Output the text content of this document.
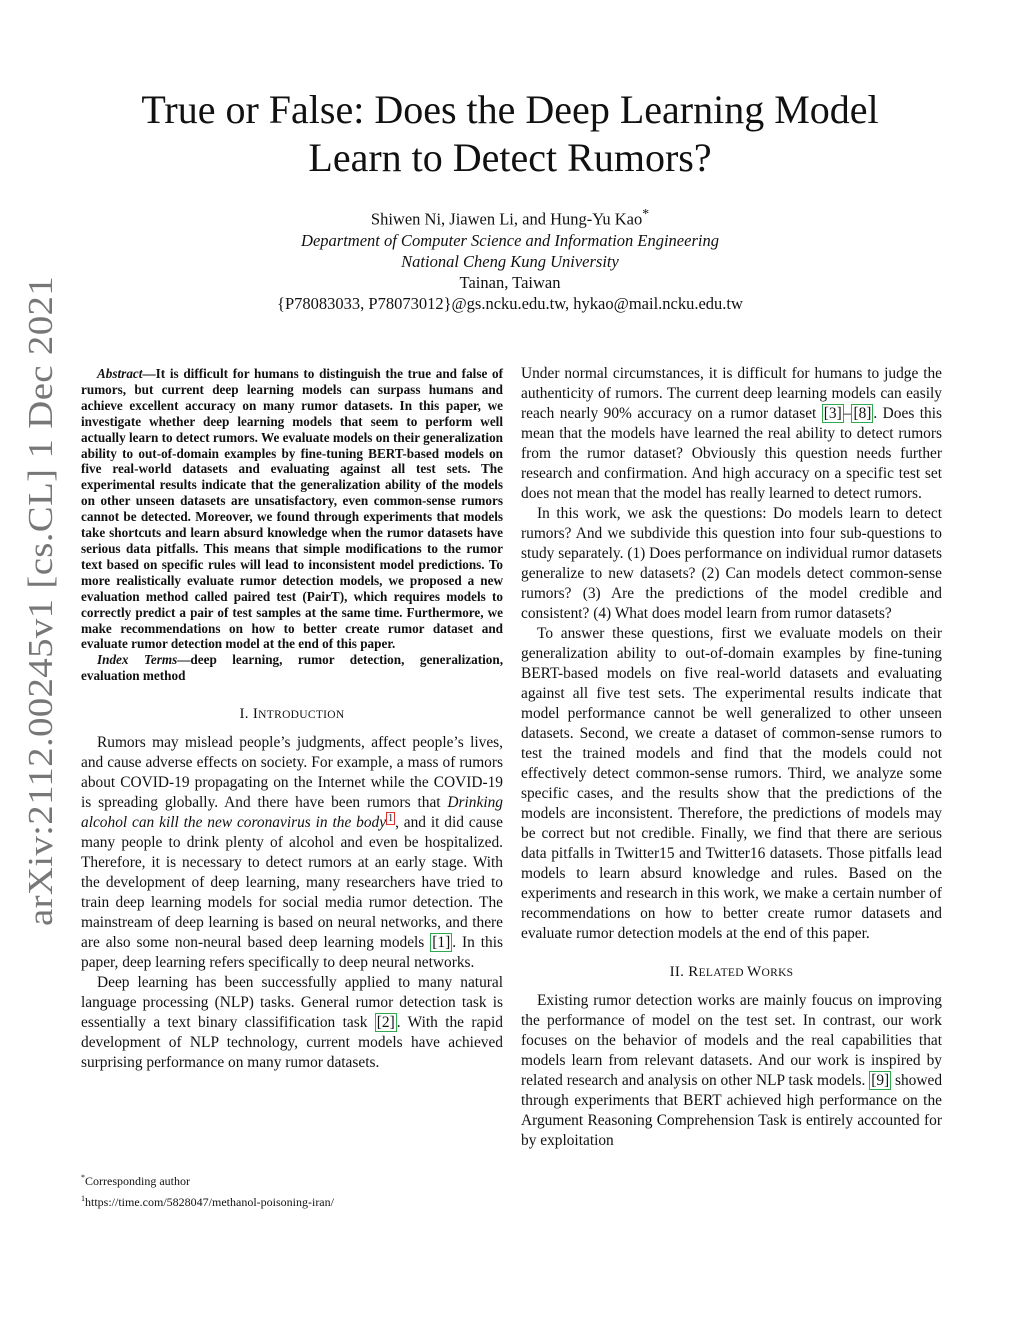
arXiv:2112.00245v1 [cs.CL] 1 Dec 2021
True or False: Does the Deep Learning Model
Learn to Detect Rumors?
Shiwen Ni, Jiawen Li, and Hung-Yu Kao*
Department of Computer Science and Information Engineering
National Cheng Kung University
Tainan, Taiwan
{P78083033, P78073012}@gs.ncku.edu.tw, hykao@mail.ncku.edu.tw

Abstract—It is difficult for humans to distinguish the true and false of rumors, but current deep learning models can surpass humans and achieve excellent accuracy on many rumor datasets. In this paper, we investigate whether deep learning models that seem to perform well actually learn to detect rumors. We evaluate models on their generalization ability to out-of-domain examples by fine-tuning BERT-based models on five real-world datasets and evaluating against all test sets. The experimental results indicate that the generalization ability of the models on other unseen datasets are unsatisfactory, even common-sense rumors cannot be detected. Moreover, we found through experiments that models take shortcuts and learn absurd knowledge when the rumor datasets have serious data pitfalls. This means that simple modifications to the rumor text based on specific rules will lead to inconsistent model predictions. To more realistically evaluate rumor detection models, we proposed a new evaluation method called paired test (PairT), which requires models to correctly predict a pair of test samples at the same time. Furthermore, we make recommendations on how to better create rumor dataset and evaluate rumor detection model at the end of this paper.

Index Terms—deep learning, rumor detection, generalization, evaluation method

I. INTRODUCTION

Rumors may mislead people’s judgments, affect people’s lives, and cause adverse effects on society. For example, a mass of rumors about COVID-19 propagating on the Internet while the COVID-19 is spreading globally. And there have been rumors that Drinking alcohol can kill the new coronavirus in the body $^1$ , and it did cause many people to drink plenty of alcohol and even be hospitalized. Therefore, it is necessary to detect rumors at an early stage. With the development of deep learning, many researchers have tried to train deep learning models for social media rumor detection. The mainstream of deep learning is based on neural networks, and there are also some non-neural based deep learning models [1] . In this paper, deep learning refers specifically to deep neural networks.

Deep learning has been successfully applied to many natural language processing (NLP) tasks. General rumor detection task is essentially a text binary classifification task [2] . With the rapid development of NLP technology, current models have achieved surprising performance on many rumor datasets.

*Corresponding author
$^1$https://time.com/5828047/methanol-poisoning-iran/

Under normal circumstances, it is difficult for humans to judge the authenticity of rumors. The current deep learning models can easily reach nearly 90% accuracy on a rumor dataset [3] – [8] . Does this mean that the models have learned the real ability to detect rumors from the rumor dataset? Obviously this question needs further research and confirmation. And high accuracy on a specific test set does not mean that the model has really learned to detect rumors.

In this work, we ask the questions: Do models learn to detect rumors? And we subdivide this question into four sub-questions to study separately. (1) Does performance on individual rumor datasets generalize to new datasets? (2) Can models detect common-sense rumors? (3) Are the predictions of the model credible and consistent? (4) What does model learn from rumor datasets?

To answer these questions, first we evaluate models on their generalization ability to out-of-domain examples by fine-tuning BERT-based models on five real-world datasets and evaluating against all five test sets. The experimental results indicate that model performance cannot be well generalized to other unseen datasets. Second, we create a dataset of common-sense rumors to test the trained models and find that the models could not effectively detect common-sense rumors. Third, we analyze some specific cases, and the results show that the predictions of the models are inconsistent. Therefore, the predictions of models may be correct but not credible. Finally, we find that there are serious data pitfalls in Twitter15 and Twitter16 datasets. Those pitfalls lead models to learn absurd knowledge and rules. Based on the experiments and research in this work, we make a certain number of recommendations on how to better create rumor datasets and evaluate rumor detection models at the end of this paper.

II. RELATED WORKS

Existing rumor detection works are mainly foucus on improving the performance of model on the test set. In contrast, our work focuses on the behavior of models and the real capabilities that models learn from relevant datasets. And our work is inspired by related research and analysis on other NLP task models. [9] showed through experiments that BERT achieved high performance on the Argument Reasoning Comprehension Task is entirely accounted for by exploitation
